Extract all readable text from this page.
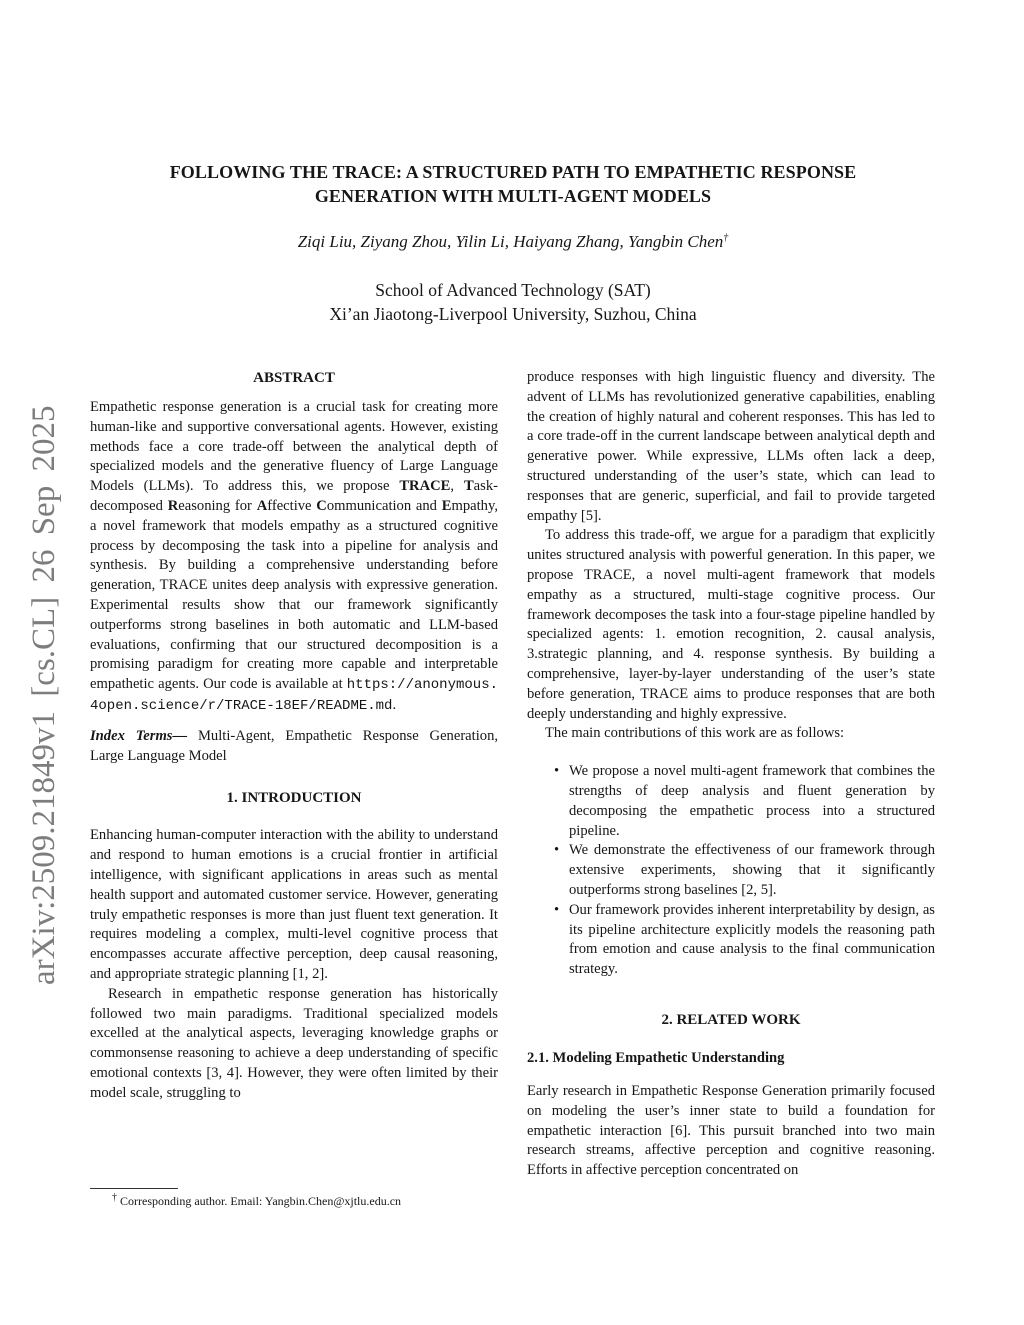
arXiv:2509.21849v1 [cs.CL] 26 Sep 2025
FOLLOWING THE TRACE: A STRUCTURED PATH TO EMPATHETIC RESPONSE
GENERATION WITH MULTI-AGENT MODELS
Ziqi Liu, Ziyang Zhou, Yilin Li, Haiyang Zhang, Yangbin Chen†
School of Advanced Technology (SAT)
Xi’an Jiaotong-Liverpool University, Suzhou, China
ABSTRACT

Empathetic response generation is a crucial task for creating more human-like and supportive conversational agents. However, existing methods face a core trade-off between the analytical depth of specialized models and the generative fluency of Large Language Models (LLMs). To address this, we propose TRACE, Task-decomposed Reasoning for Affective Communication and Empathy, a novel framework that models empathy as a structured cognitive process by decomposing the task into a pipeline for analysis and synthesis. By building a comprehensive understanding before generation, TRACE unites deep analysis with expressive generation. Experimental results show that our framework significantly outperforms strong baselines in both automatic and LLM-based evaluations, confirming that our structured decomposition is a promising paradigm for creating more capable and interpretable empathetic agents. Our code is available at https://anonymous.4open.science/r/TRACE-18EF/README.md.

Index Terms— Multi-Agent, Empathetic Response Generation, Large Language Model

1. INTRODUCTION

Enhancing human-computer interaction with the ability to understand and respond to human emotions is a crucial frontier in artificial intelligence, with significant applications in areas such as mental health support and automated customer service. However, generating truly empathetic responses is more than just fluent text generation. It requires modeling a complex, multi-level cognitive process that encompasses accurate affective perception, deep causal reasoning, and appropriate strategic planning [1, 2].

Research in empathetic response generation has historically followed two main paradigms. Traditional specialized models excelled at the analytical aspects, leveraging knowledge graphs or commonsense reasoning to achieve a deep understanding of specific emotional contexts [3, 4]. However, they were often limited by their model scale, struggling to

produce responses with high linguistic fluency and diversity. The advent of LLMs has revolutionized generative capabilities, enabling the creation of highly natural and coherent responses. This has led to a core trade-off in the current landscape between analytical depth and generative power. While expressive, LLMs often lack a deep, structured understanding of the user’s state, which can lead to responses that are generic, superficial, and fail to provide targeted empathy [5].

To address this trade-off, we argue for a paradigm that explicitly unites structured analysis with powerful generation. In this paper, we propose TRACE, a novel multi-agent framework that models empathy as a structured, multi-stage cognitive process. Our framework decomposes the task into a four-stage pipeline handled by specialized agents: 1. emotion recognition, 2. causal analysis, 3.strategic planning, and 4. response synthesis. By building a comprehensive, layer-by-layer understanding of the user’s state before generation, TRACE aims to produce responses that are both deeply understanding and highly expressive.

The main contributions of this work are as follows:

• We propose a novel multi-agent framework that combines the strengths of deep analysis and fluent generation by decomposing the empathetic process into a structured pipeline.
• We demonstrate the effectiveness of our framework through extensive experiments, showing that it significantly outperforms strong baselines [2, 5].
• Our framework provides inherent interpretability by design, as its pipeline architecture explicitly models the reasoning path from emotion and cause analysis to the final communication strategy.
2. RELATED WORK
2.1. Modeling Empathetic Understanding

Early research in Empathetic Response Generation primarily focused on modeling the user’s inner state to build a foundation for empathetic interaction [6]. This pursuit branched into two main research streams, affective perception and cognitive reasoning. Efforts in affective perception concentrated on

† Corresponding author. Email: Yangbin.Chen@xjtlu.edu.cn
